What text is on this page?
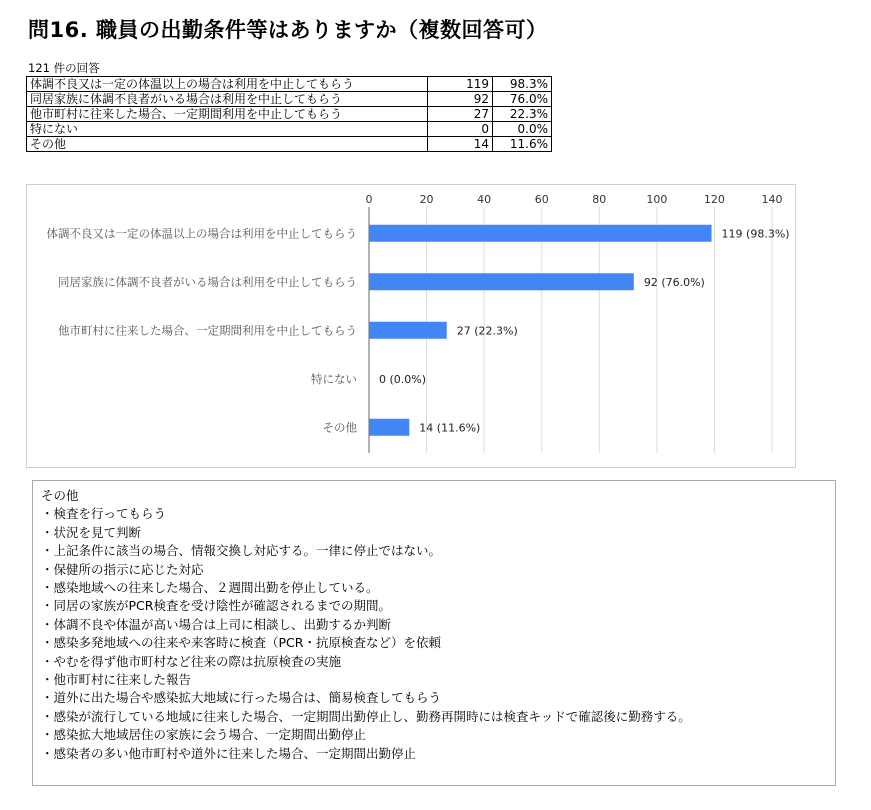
問16. 職員の出勤条件等はありますか（複数回答可）
121 件の回答
体調不良又は一定の体温以上の場合は利用を中止してもらう	119	98.3%
同居家族に体調不良者がいる場合は利用を中止してもらう	92	76.0%
他市町村に往来した場合、一定期間利用を中止してもらう	27	22.3%
特にない	0	0.0%
その他	14	11.6%
0	20	40	60	80	100	120	140
体調不良又は一定の体温以上の場合は利用を中止してもらう	119 (98.3%)
同居家族に体調不良者がいる場合は利用を中止してもらう	92 (76.0%)
他市町村に往来した場合、一定期間利用を中止してもらう	27 (22.3%)
特にない 0 (0.0%)
その他	14 (11.6%)
その他
・検査を行ってもらう
・状況を見て判断
・上記条件に該当の場合、情報交換し対応する。一律に停止ではない。
・保健所の指示に応じた対応
・感染地域への往来した場合、２週間出勤を停止している。
・同居の家族がPCR検査を受け陰性が確認されるまでの期間。
・体調不良や体温が高い場合は上司に相談し、出勤するか判断
・感染多発地域への往来や来客時に検査（PCR・抗原検査など）を依頼
・やむを得ず他市町村など往来の際は抗原検査の実施
・他市町村に往来した報告
・道外に出た場合や感染拡大地域に行った場合は、簡易検査してもらう
・感染が流行している地域に往来した場合、一定期間出勤停止し、勤務再開時には検査キッドで確認後に勤務する。
・感染拡大地域居住の家族に会う場合、一定期間出勤停止
・感染者の多い他市町村や道外に往来した場合、一定期間出勤停止
